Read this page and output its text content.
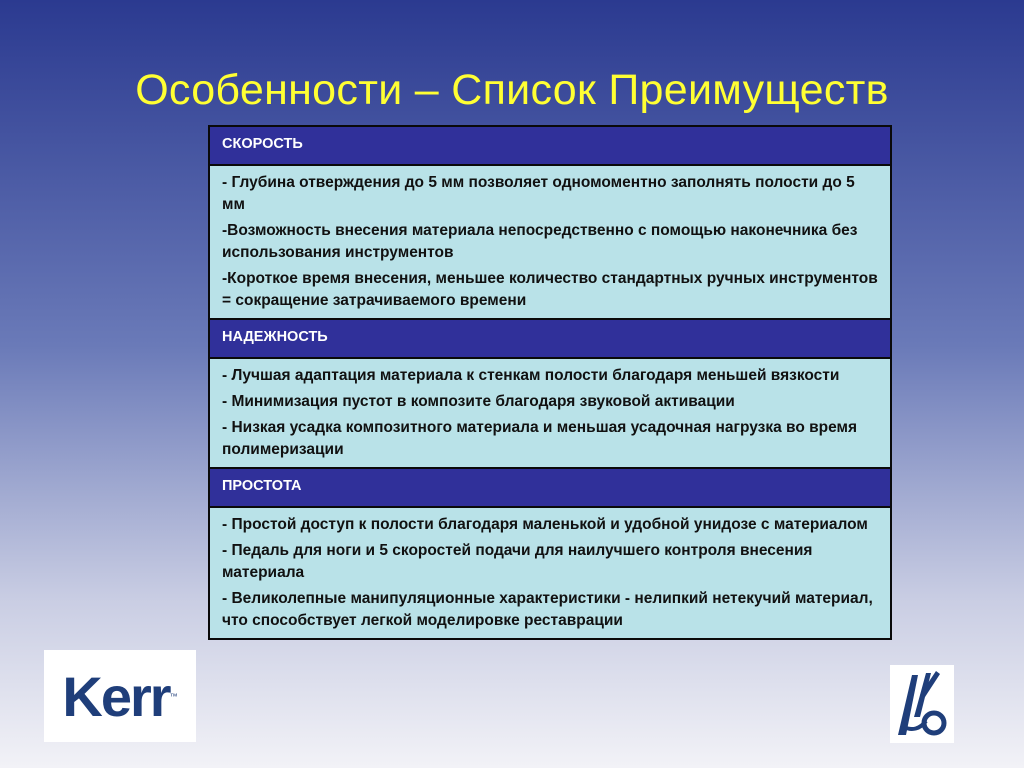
Особенности – Список Преимуществ
СКОРОСТЬ
- Глубина отверждения до 5 мм позволяет одномоментно заполнять полости до 5 мм
-Возможность внесения материала непосредственно с помощью наконечника без использования инструментов
-Короткое время внесения, меньшее количество стандартных ручных инструментов = сокращение затрачиваемого времени
НАДЕЖНОСТЬ
- Лучшая адаптация материала к стенкам полости благодаря меньшей вязкости
- Минимизация пустот в композите благодаря звуковой активации
- Низкая усадка композитного материала и меньшая усадочная нагрузка во время полимеризации
ПРОСТОТА
- Простой доступ к полости благодаря маленькой и удобной унидозе с материалом
- Педаль для ноги и 5 скоростей подачи для наилучшего контроля внесения материала
- Великолепные манипуляционные характеристики - нелипкий нетекучий материал, что способствует легкой моделировке реставрации
Kerr ™
